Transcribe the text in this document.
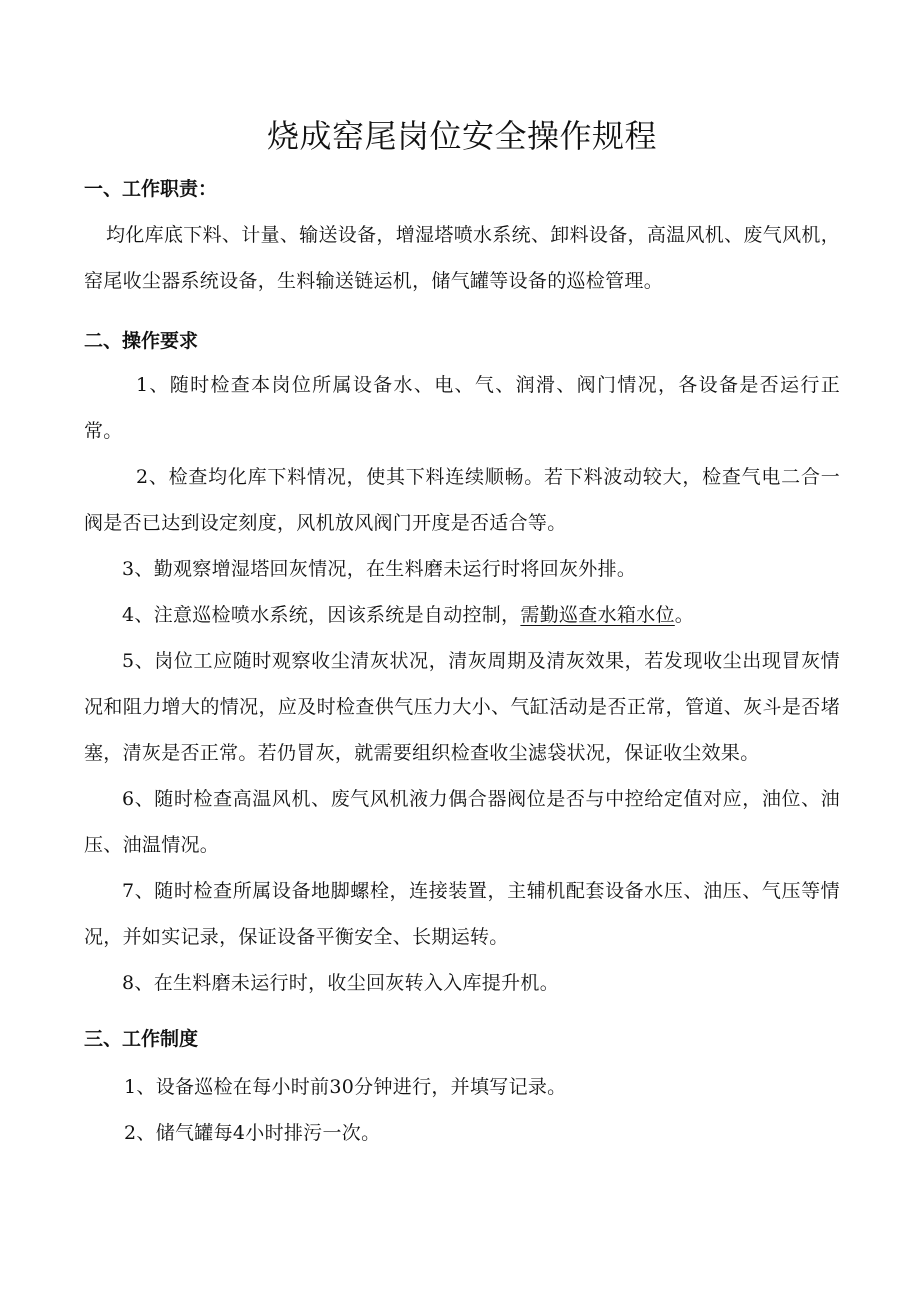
烧成窑尾岗位安全操作规程
一、工作职责：

均化库底下料、计量、输送设备，增湿塔喷水系统、卸料设备，高温风机、废气风机，窑尾收尘器系统设备，生料输送链运机，储气罐等设备的巡检管理。

二、操作要求

1、随时检查本岗位所属设备水、电、气、润滑、阀门情况，各设备是否运行正常。

2、检查均化库下料情况，使其下料连续顺畅。若下料波动较大，检查气电二合一阀是否已达到设定刻度，风机放风阀门开度是否适合等。

3、勤观察增湿塔回灰情况，在生料磨未运行时将回灰外排。

4、注意巡检喷水系统，因该系统是自动控制，需勤巡查水箱水位。

5、岗位工应随时观察收尘清灰状况，清灰周期及清灰效果，若发现收尘出现冒灰情况和阻力增大的情况，应及时检查供气压力大小、气缸活动是否正常，管道、灰斗是否堵塞，清灰是否正常。若仍冒灰，就需要组织检查收尘滤袋状况，保证收尘效果。

6、随时检查高温风机、废气风机液力偶合器阀位是否与中控给定值对应，油位、油压、油温情况。

7、随时检查所属设备地脚螺栓，连接装置，主辅机配套设备水压、油压、气压等情况，并如实记录，保证设备平衡安全、长期运转。

8、在生料磨未运行时，收尘回灰转入入库提升机。

三、工作制度

1、设备巡检在每小时前30分钟进行，并填写记录。

2、储气罐每4小时排污一次。
